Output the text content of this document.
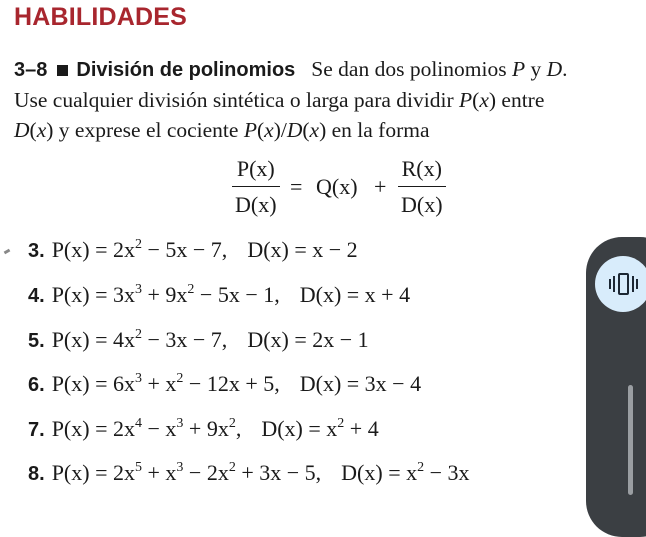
HABILIDADES
3–8 División de polinomios Se dan dos polinomios P y D.
Use cualquier división sintética o larga para dividir P(x) entre
D(x) y exprese el cociente P(x)/D(x) en la forma
$\frac{P(x)}{D(x)} = Q(x) + \frac{R(x)}{D(x)}$
3. $P(x) = 2x^2 - 5x - 7$, D(x) = x − 2
4. $P(x) = 3x^3 + 9x^2 - 5x - 1$, D(x) = x + 4
5. $P(x) = 4x^2 - 3x - 7$, D(x) = 2x − 1
6. $P(x) = 6x^3 + x^2 - 12x + 5$, D(x) = 3x − 4
7. $P(x) = 2x^4 - x^3 + 9x^2$, $D(x) = x^2 + 4$
8. $P(x) = 2x^5 + x^3 - 2x^2 + 3x - 5$, $D(x) = x^2 - 3x$
